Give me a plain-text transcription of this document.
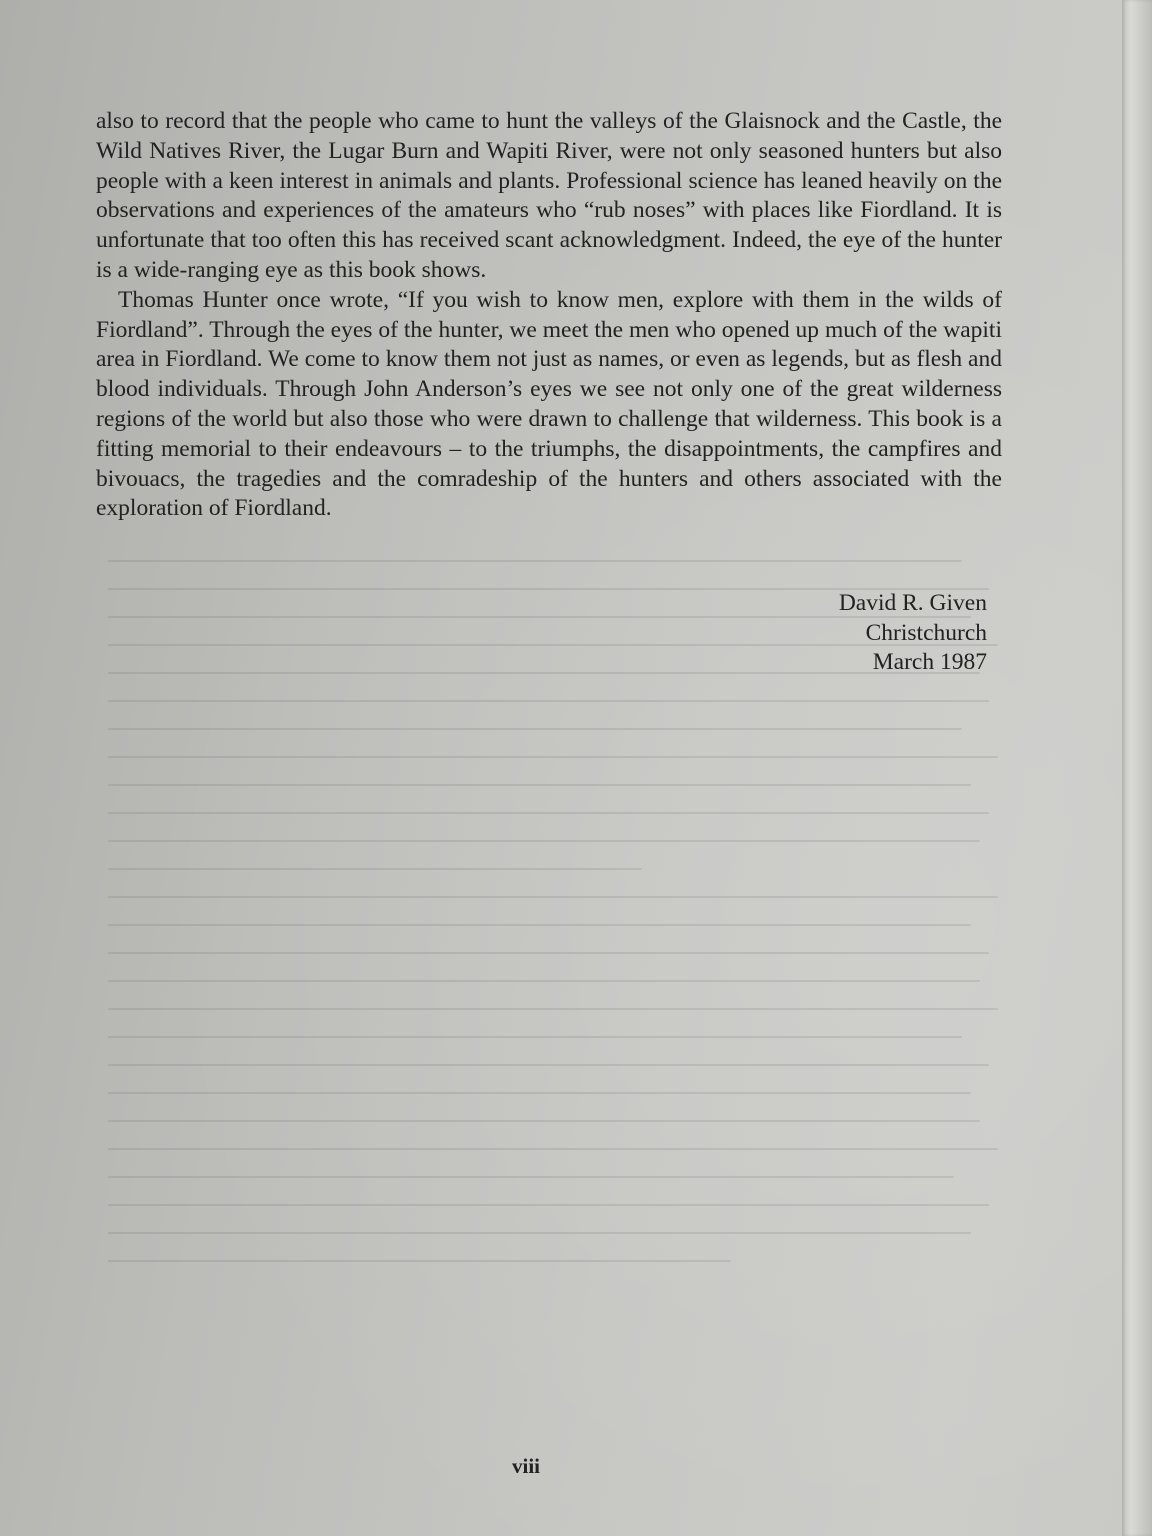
also to record that the people who came to hunt the valleys of the Glaisnock and the Castle, the Wild Natives River, the Lugar Burn and Wapiti River, were not only seasoned hunters but also people with a keen interest in animals and plants. Professional science has leaned heavily on the observations and experiences of the amateurs who “rub noses” with places like Fiordland. It is unfortunate that too often this has received scant acknowledgment. Indeed, the eye of the hunter is a wide-ranging eye as this book shows.

Thomas Hunter once wrote, “If you wish to know men, explore with them in the wilds of Fiordland”. Through the eyes of the hunter, we meet the men who opened up much of the wapiti area in Fiordland. We come to know them not just as names, or even as legends, but as flesh and blood individuals. Through John Anderson’s eyes we see not only one of the great wilderness regions of the world but also those who were drawn to challenge that wilderness. This book is a fitting memorial to their endeavours – to the triumphs, the disappointments, the campfires and bivouacs, the tragedies and the comradeship of the hunters and others associated with the exploration of Fiordland.

David R. Given
Christchurch
March 1987
viii
